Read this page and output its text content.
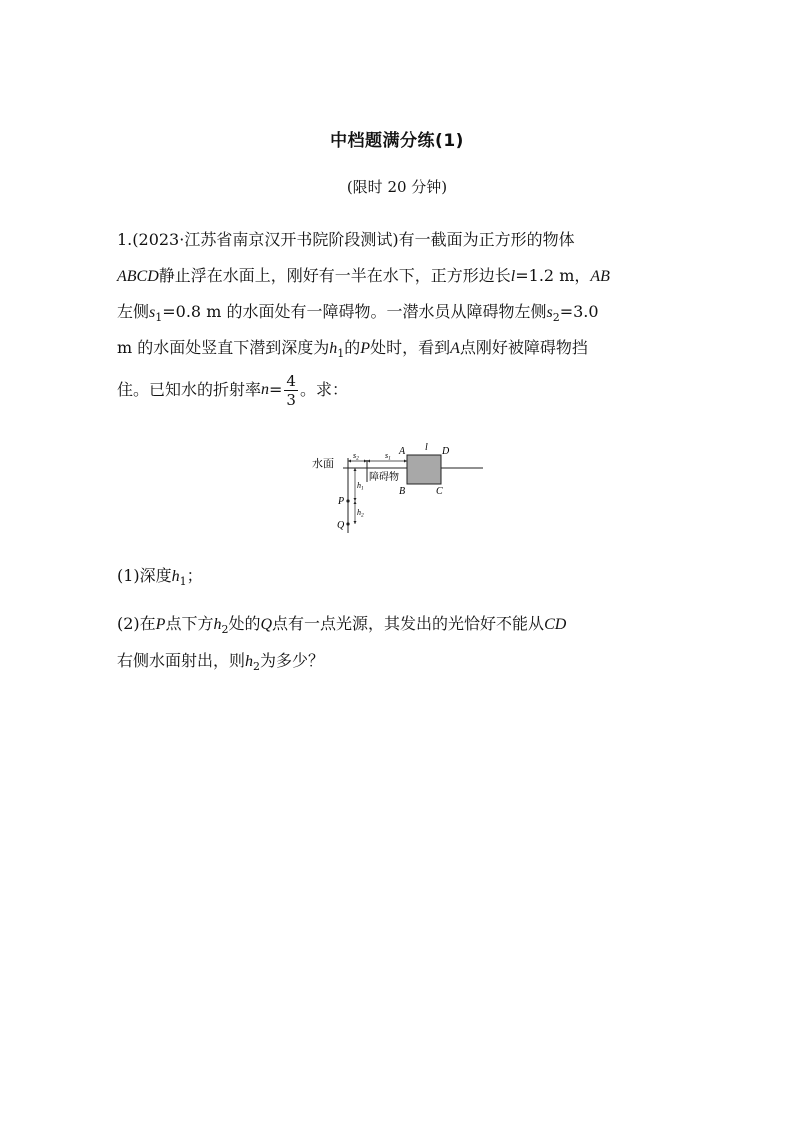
中档题满分练(1)
(限时 20 分钟)
1.(2023·江苏省南京汉开书院阶段测试)有一截面为正方形的物体
ABCD静止浮在水面上，刚好有一半在水下，正方形边长l=1.2 m，AB
左侧$s_1=0.8$ m 的水面处有一障碍物。一潜水员从障碍物左侧$s_2=3.0$
m 的水面处竖直下潜到深度为$h_1$的P处时，看到A点刚好被障碍物挡
住。已知水的折射率 $n = \frac{4}{3}$ 。求：
水面
s2	s1
障碍物
A	D
B	C
l
h1
h2
P
Q
(1)深度$h_1$；
(2)在P点下方$h_2$处的Q点有一点光源，其发出的光恰好不能从CD
右侧水面射出，则$h_2$为多少？
